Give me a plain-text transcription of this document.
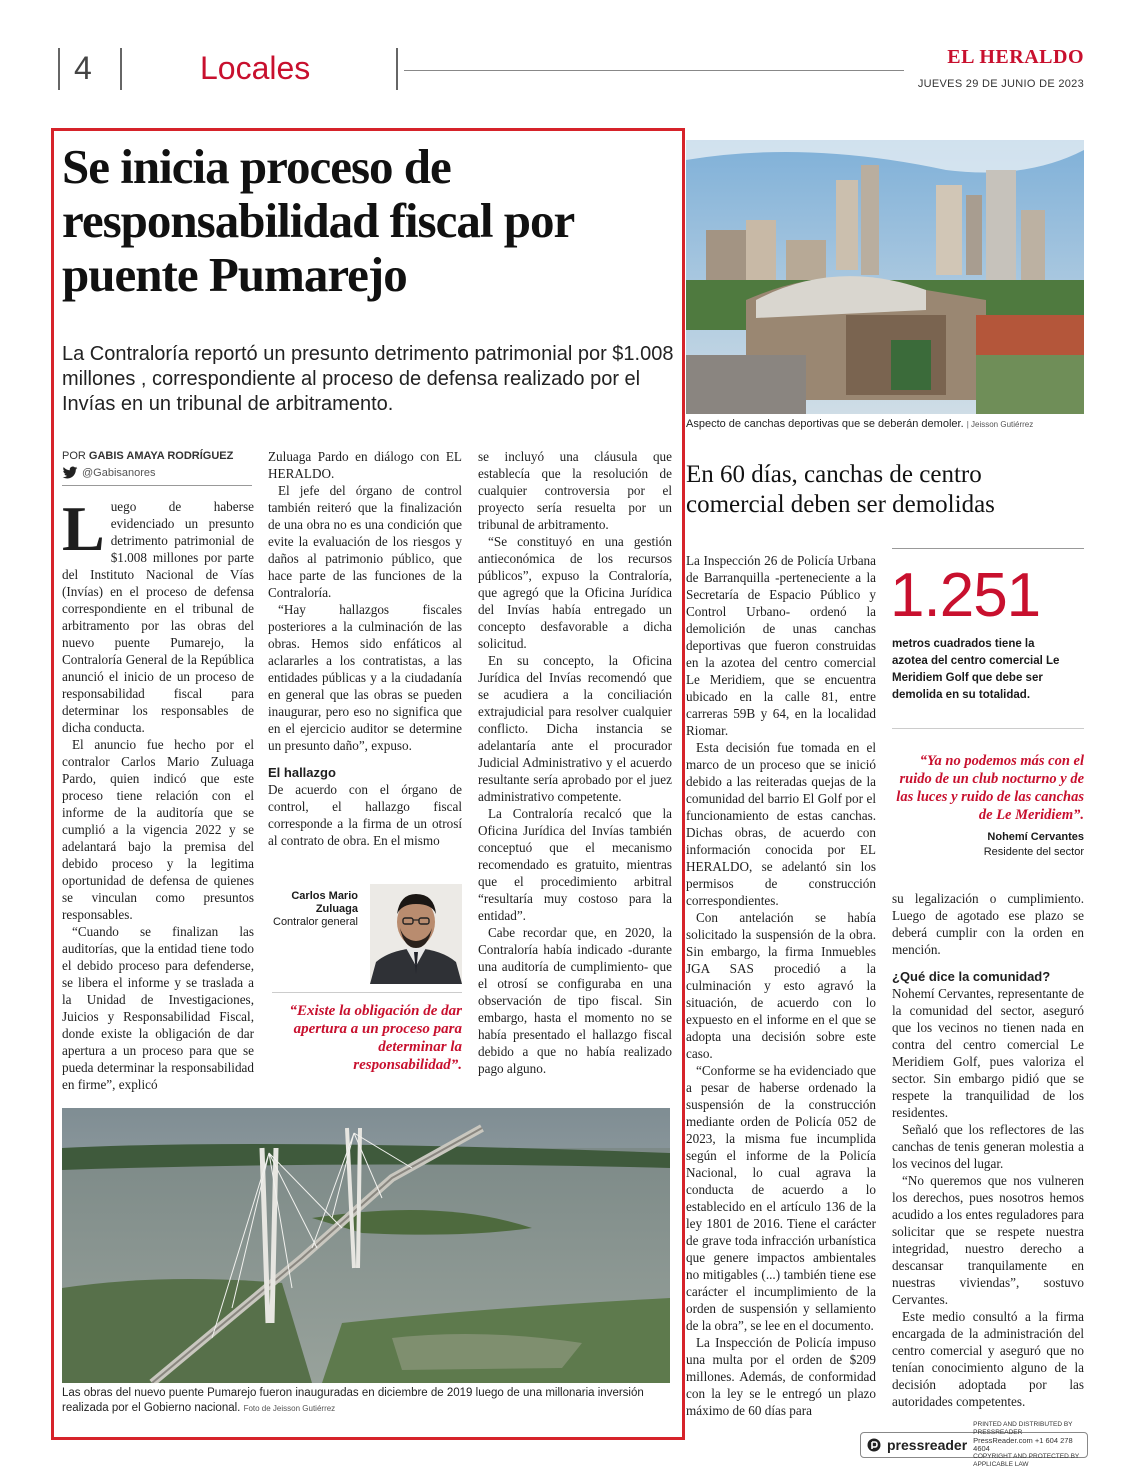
4	Locales	EL HERALDO
JUEVES 29 DE JUNIO DE 2023
Se inicia proceso de responsabilidad fiscal por puente Pumarejo
La Contraloría reportó un presunto detrimento patrimonial por $1.008 millones , correspondiente al proceso de defensa realizado por el Invías en un tribunal de arbitramento.
POR GABIS AMAYA RODRÍGUEZ
@Gabisanores

Luego de haberse evidenciado un presunto detrimento patrimonial de $1.008 millones por parte del Instituto Nacional de Vías (Invías) en el proceso de defensa correspondiente en el tribunal de arbitramento por las obras del nuevo puente Pumarejo, la Contraloría General de la República anunció el inicio de un proceso de responsabilidad fiscal para determinar los responsables de dicha conducta.

El anuncio fue hecho por el contralor Carlos Mario Zuluaga Pardo, quien indicó que este proceso tiene relación con el informe de la auditoría que se cumplió a la vigencia 2022 y se adelantará bajo la premisa del debido proceso y la legitima oportunidad de defensa de quienes se vinculan como presuntos responsables.

“Cuando se finalizan las auditorías, que la entidad tiene todo el debido proceso para defenderse, se libera el informe y se traslada a la Unidad de Investigaciones, Juicios y Responsabilidad Fiscal, donde existe la obligación de dar apertura a un proceso para que se pueda determinar la responsabilidad en firme”, explicó

Zuluaga Pardo en diálogo con EL HERALDO.

El jefe del órgano de control también reiteró que la finalización de una obra no es una condición que evite la evaluación de los riesgos y daños al patrimonio público, que hace parte de las funciones de la Contraloría.

“Hay hallazgos fiscales posteriores a la culminación de las obras. Hemos sido enfáticos al aclararles a los contratistas, a las entidades públicas y a la ciudadanía en general que las obras se pueden inaugurar, pero eso no significa que en el ejercicio auditor se determine un presunto daño”, expuso.

El hallazgo

De acuerdo con el órgano de control, el hallazgo fiscal corresponde a la firma de un otrosí al contrato de obra. En el mismo

Carlos Mario Zuluaga
Contralor general
“Existe la obligación de dar apertura a un proceso para determinar la responsabilidad”.

se incluyó una cláusula que establecía que la resolución de cualquier controversia por el proyecto sería resuelta por un tribunal de arbitramento.

“Se constituyó en una gestión antieconómica de los recursos públicos”, expuso la Contraloría, que agregó que la Oficina Jurídica del Invías había entregado un concepto desfavorable a dicha solicitud.

En su concepto, la Oficina Jurídica del Invías recomendó que se acudiera a la conciliación extrajudicial para resolver cualquier conflicto. Dicha instancia se adelantaría ante el procurador Judicial Administrativo y el acuerdo resultante sería aprobado por el juez administrativo competente.

La Contraloría recalcó que la Oficina Jurídica del Invías también conceptuó que el mecanismo recomendado es gratuito, mientras que el procedimiento arbitral “resultaría muy costoso para la entidad”.

Cabe recordar que, en 2020, la Contraloría había indicado -durante una auditoría de cumplimiento- que el otrosí se configuraba en una observación de tipo fiscal. Sin embargo, hasta el momento no se había presentado el hallazgo fiscal debido a que no había realizado pago alguno.

Las obras del nuevo puente Pumarejo fueron inauguradas en diciembre de 2019 luego de una millonaria inversión realizada por el Gobierno nacional. Foto de Jeisson Gutiérrez
Aspecto de canchas deportivas que se deberán demoler. | Jeisson Gutiérrez
En 60 días, canchas de centro comercial deben ser demolidas

La Inspección 26 de Policía Urbana de Barranquilla -perteneciente a la Secretaría de Espacio Público y Control Urbano- ordenó la demolición de unas canchas deportivas que fueron construidas en la azotea del centro comercial Le Meridiem, que se encuentra ubicado en la calle 81, entre carreras 59B y 64, en la localidad Riomar.

Esta decisión fue tomada en el marco de un proceso que se inició debido a las reiteradas quejas de la comunidad del barrio El Golf por el funcionamiento de estas canchas. Dichas obras, de acuerdo con información conocida por EL HERALDO, se adelantó sin los permisos de construcción correspondientes.

Con antelación se había solicitado la suspensión de la obra. Sin embargo, la firma Inmuebles JGA SAS procedió a la culminación y esto agravó la situación, de acuerdo con lo expuesto en el informe en el que se adopta una decisión sobre este caso.

“Conforme se ha evidenciado que a pesar de haberse ordenado la suspensión de la construcción mediante orden de Policía 052 de 2023, la misma fue incumplida según el informe de la Policía Nacional, lo cual agrava la conducta de acuerdo a lo establecido en el artículo 136 de la ley 1801 de 2016. Tiene el carácter de grave toda infracción urbanística que genere impactos ambientales no mitigables (...) también tiene ese carácter el incumplimiento de la orden de suspensión y sellamiento de la obra”, se lee en el documento.

La Inspección de Policía impuso una multa por el orden de $209 millones. Además, de conformidad con la ley se le entregó un plazo máximo de 60 días para

1.251
metros cuadrados tiene la azotea del centro comercial Le Meridiem Golf que debe ser demolida en su totalidad.
“Ya no podemos más con el ruido de un club nocturno y de las luces y ruido de las canchas de Le Meridiem”.
Nohemí Cervantes
Residente del sector

su legalización o cumplimiento. Luego de agotado ese plazo se deberá cumplir con la orden en mención.

¿Qué dice la comunidad?

Nohemí Cervantes, representante de la comunidad del sector, aseguró que los vecinos no tienen nada en contra del centro comercial Le Meridiem Golf, pues valoriza el sector. Sin embargo pidió que se respete la tranquilidad de los residentes.

Señaló que los reflectores de las canchas de tenis generan molestia a los vecinos del lugar.

“No queremos que nos vulneren los derechos, pues nosotros hemos acudido a los entes reguladores para solicitar que se respete nuestra integridad, nuestro derecho a descansar tranquilamente en nuestras viviendas”, sostuvo Cervantes.

Este medio consultó a la firma encargada de la administración del centro comercial y aseguró que no tenían conocimiento alguno de la decisión adoptada por las autoridades competentes.

pressreader
PRINTED AND DISTRIBUTED BY PRESSREADER
PressReader.com +1 604 278 4604
COPYRIGHT AND PROTECTED BY APPLICABLE LAW
